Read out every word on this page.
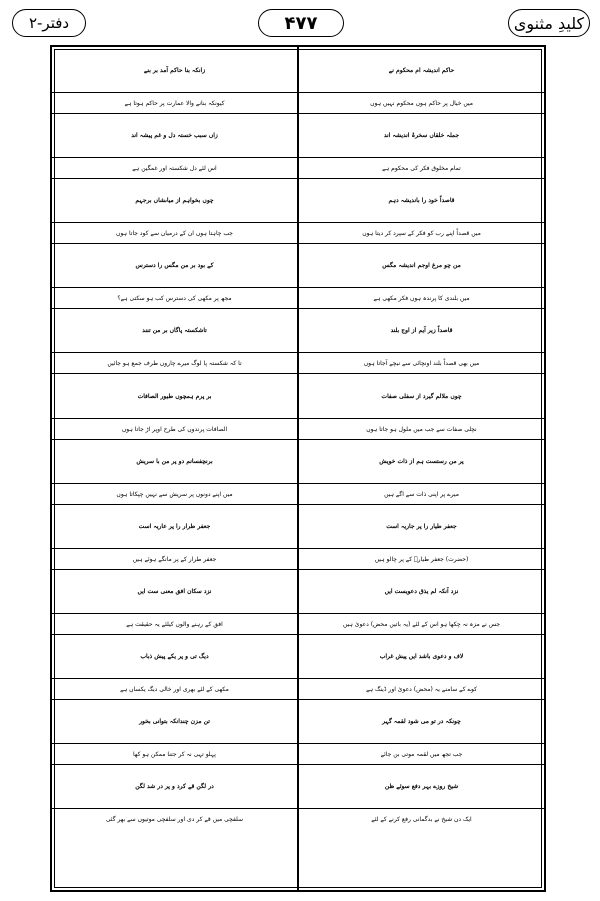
کلیدِ مثنوی
۴۷۷
دفتر-۲
حاکم اندیشہ ام محکوم نے
زانکہ بنا حاکم آمد بر بنے
میں خیال پر حاکم ہوں محکوم نہیں ہوں
کیونکہ بنانے والا عمارت پر حاکم ہوتا ہے
جملہ خلقاں سخرۂ اندیشہ اند
زاں سبب خستہ دل و غم پیشہ اند
تمام مخلوق فکر کی محکوم ہے
اس لئے دل شکستہ اور غمگین ہے
قاصداً خود را باندیشہ دہم
چوں بخواہم از میاںشاں برجہم
میں قصداً اپنے رب کو فکر کے سپرد کر دیتا ہوں
جب چاہتا ہوں ان کے درمیان سے کود جاتا ہوں
من چو مرغ اوجم اندیشہ مگس
کے بود بر من مگس را دسترس
میں بلندی کا پرندہ ہوں فکر مکھی ہے
مجھ پر مکھی کی دسترس کب ہو سکتی ہے؟
قاصداً زیر آیم از اوج بلند
تاشکستہ پاگاں بر من تنند
میں بھی قصداً بلند اونچائی سے نیچے آجاتا ہوں
تا کہ شکستہ پا لوگ میرے چاروں طرف جمع ہو جائیں
چوں ملالم گیرد از سفلی صفات
بر پرم ہمچوں طیور الصافات
نچلی صفات سے جب میں ملول ہو جاتا ہوں
الصافات پرندوں کی طرح اوپر اڑ جاتا ہوں
پر من رستست ہم از ذات خویش
برنچفسانم دو پر من با سریش
میرے پر اپنی ذات سے اگے ہیں
میں اپنے دونوں پر سریش سے نہیں چپکاتا ہوں
جعفر طیار را پر جاریہ است
جعفر طرار را پر عاریہ است
(حضرت) جعفر طیارؓ کے پر چالو ہیں
جعفر طرار کے پر مانگے ہوئے ہیں
نزد آنکہ لم یذق دعویست ایں
نزد سکان افق معنی ست ایں
جس نے مزہ نہ چکھا ہو اس کے لئے (یہ باتیں محض) دعویٰ ہیں
افق کے رہنے والوں کیلئے یہ حقیقت ہے
لاف و دعوی باشد ایں پیش غراب
دیگ تی و پر یکے پیش ذباب
کوے کے سامنے یہ (محض) دعویٰ اور ڈینگ ہے
مکھی کے لئے بھری اور خالی دیگ یکساں ہے
چونکہ در تو می شود لقمہ گہر
تن مزن چندانکہ بتوانی بخور
جب تجھ میں لقمہ موتی بن جائے
پہلو تہی نہ کر جتنا ممکن ہو کھا
شیخ روزے بہر دفع سوئے ظن
در لگن قے کرد و پر در شد لگن
ایک دن شیخ نے بدگمانی رفع کرنے کے لئے
سلفچی میں قے کر دی اور سلفچی موتیوں سے بھر گئی
